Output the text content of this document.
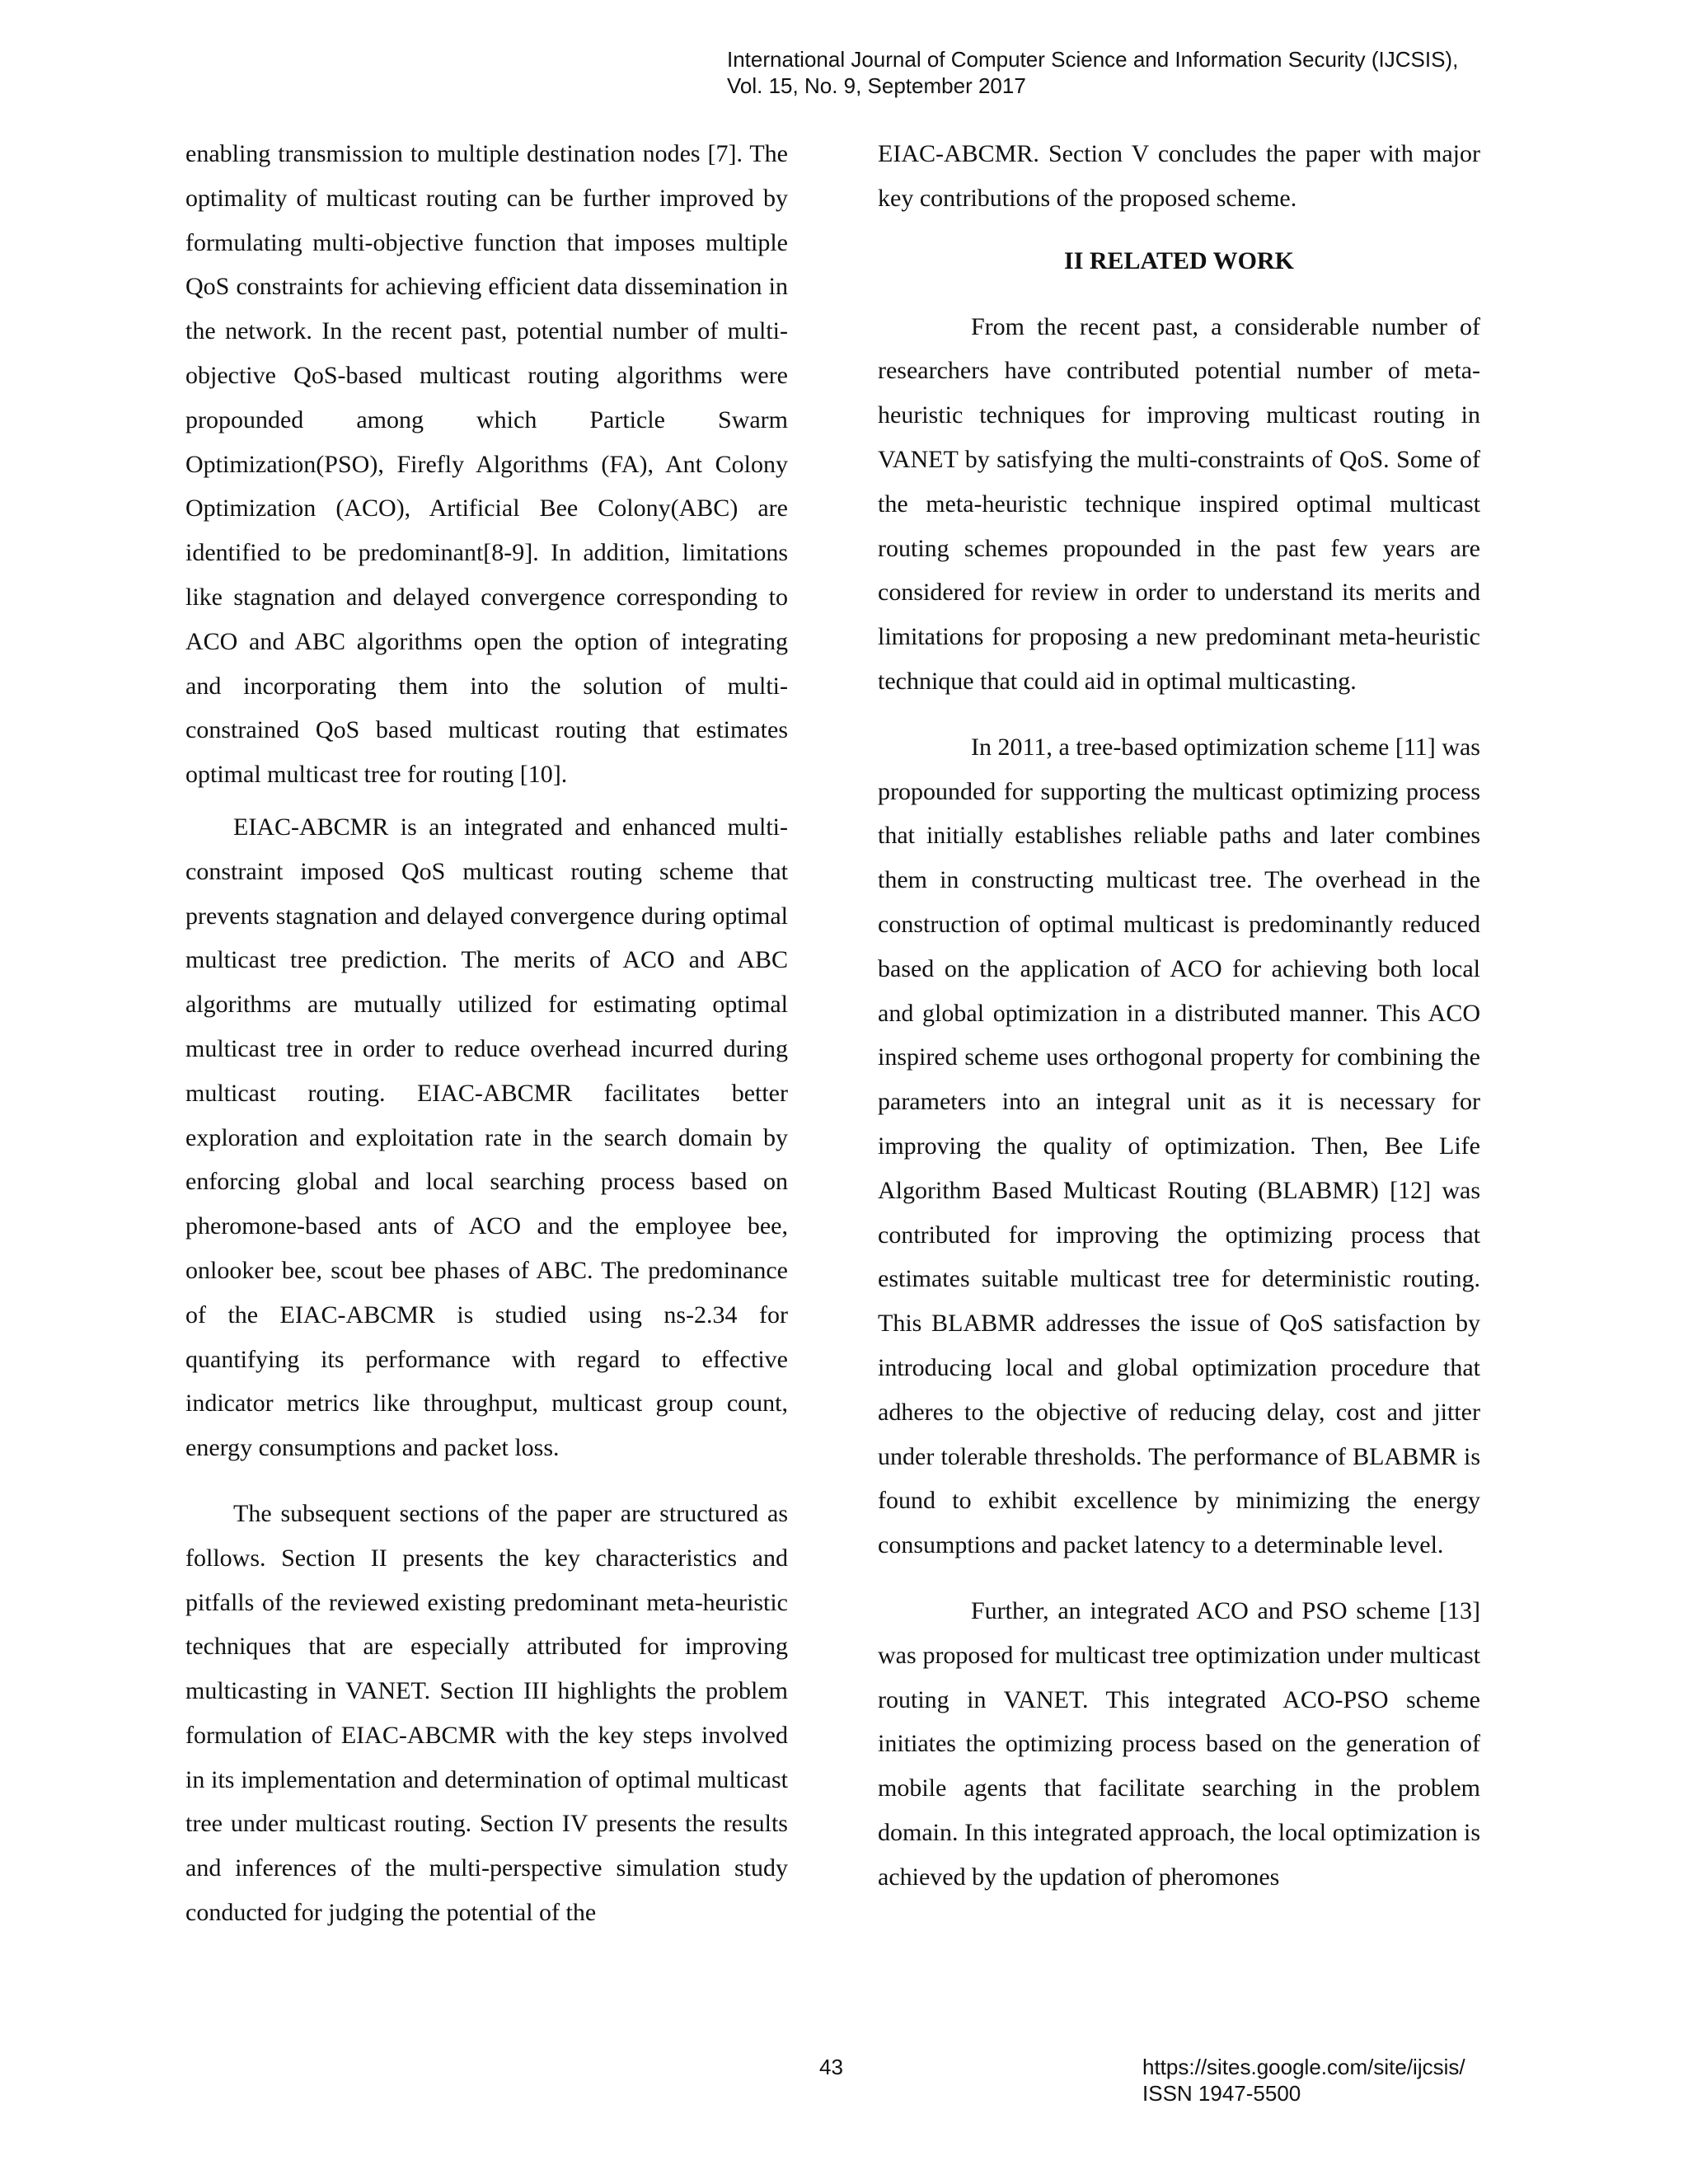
International Journal of Computer Science and Information Security (IJCSIS),
Vol. 15, No. 9, September 2017

enabling transmission to multiple destination nodes [7]. The optimality of multicast routing can be further improved by formulating multi-objective function that imposes multiple QoS constraints for achieving efficient data dissemination in the network. In the recent past, potential number of multi-objective QoS-based multicast routing algorithms were propounded among which Particle Swarm Optimization(PSO), Firefly Algorithms (FA), Ant Colony Optimization (ACO), Artificial Bee Colony(ABC) are identified to be predominant[8-9]. In addition, limitations like stagnation and delayed convergence corresponding to ACO and ABC algorithms open the option of integrating and incorporating them into the solution of multi-constrained QoS based multicast routing that estimates optimal multicast tree for routing [10].

EIAC-ABCMR is an integrated and enhanced multi-constraint imposed QoS multicast routing scheme that prevents stagnation and delayed convergence during optimal multicast tree prediction. The merits of ACO and ABC algorithms are mutually utilized for estimating optimal multicast tree in order to reduce overhead incurred during multicast routing. EIAC-ABCMR facilitates better exploration and exploitation rate in the search domain by enforcing global and local searching process based on pheromone-based ants of ACO and the employee bee, onlooker bee, scout bee phases of ABC. The predominance of the EIAC-ABCMR is studied using ns-2.34 for quantifying its performance with regard to effective indicator metrics like throughput, multicast group count, energy consumptions and packet loss.

The subsequent sections of the paper are structured as follows. Section II presents the key characteristics and pitfalls of the reviewed existing predominant meta-heuristic techniques that are especially attributed for improving multicasting in VANET. Section III highlights the problem formulation of EIAC-ABCMR with the key steps involved in its implementation and determination of optimal multicast tree under multicast routing. Section IV presents the results and inferences of the multi-perspective simulation study conducted for judging the potential of the

EIAC-ABCMR. Section V concludes the paper with major key contributions of the proposed scheme.

II RELATED WORK

From the recent past, a considerable number of researchers have contributed potential number of meta-heuristic techniques for improving multicast routing in VANET by satisfying the multi-constraints of QoS. Some of the meta-heuristic technique inspired optimal multicast routing schemes propounded in the past few years are considered for review in order to understand its merits and limitations for proposing a new predominant meta-heuristic technique that could aid in optimal multicasting.

In 2011, a tree-based optimization scheme [11] was propounded for supporting the multicast optimizing process that initially establishes reliable paths and later combines them in constructing multicast tree. The overhead in the construction of optimal multicast is predominantly reduced based on the application of ACO for achieving both local and global optimization in a distributed manner. This ACO inspired scheme uses orthogonal property for combining the parameters into an integral unit as it is necessary for improving the quality of optimization. Then, Bee Life Algorithm Based Multicast Routing (BLABMR) [12] was contributed for improving the optimizing process that estimates suitable multicast tree for deterministic routing. This BLABMR addresses the issue of QoS satisfaction by introducing local and global optimization procedure that adheres to the objective of reducing delay, cost and jitter under tolerable thresholds. The performance of BLABMR is found to exhibit excellence by minimizing the energy consumptions and packet latency to a determinable level.

Further, an integrated ACO and PSO scheme [13] was proposed for multicast tree optimization under multicast routing in VANET. This integrated ACO-PSO scheme initiates the optimizing process based on the generation of mobile agents that facilitate searching in the problem domain. In this integrated approach, the local optimization is achieved by the updation of pheromones

43	https://sites.google.com/site/ijcsis/
ISSN 1947-5500
